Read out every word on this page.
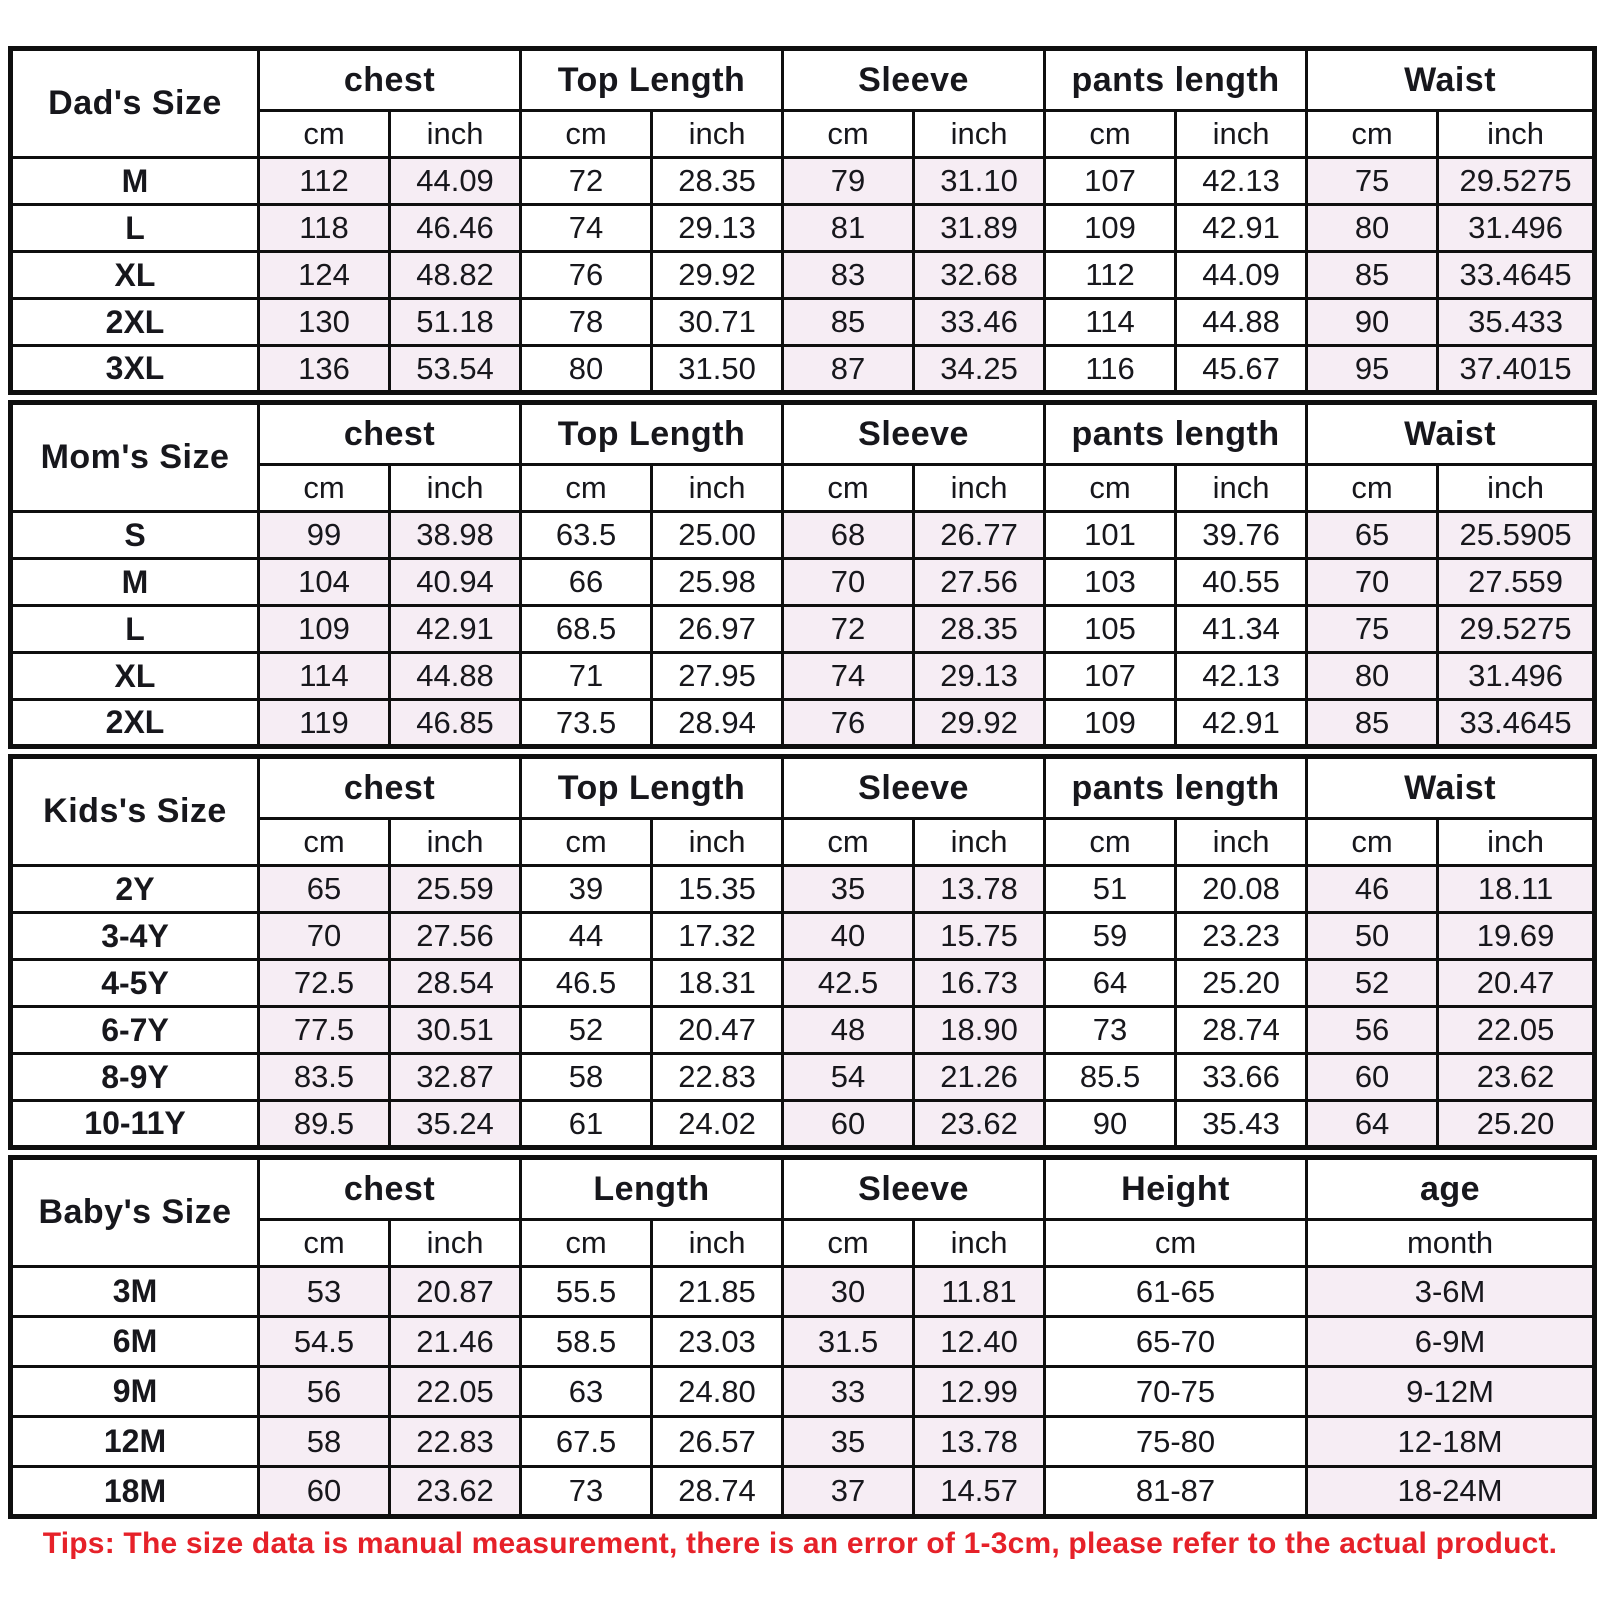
Dad's Size	chest		Top Length		Sleeve		pants length		Waist	
	cm	inch	cm	inch	cm	inch	cm	inch	cm	inch
M	112	44.09	72	28.35	79	31.10	107	42.13	75	29.5275
L	118	46.46	74	29.13	81	31.89	109	42.91	80	31.496
XL	124	48.82	76	29.92	83	32.68	112	44.09	85	33.4645
2XL	130	51.18	78	30.71	85	33.46	114	44.88	90	35.433
3XL	136	53.54	80	31.50	87	34.25	116	45.67	95	37.4015
Mom's Size	chest		Top Length		Sleeve		pants length		Waist	
	cm	inch	cm	inch	cm	inch	cm	inch	cm	inch
S	99	38.98	63.5	25.00	68	26.77	101	39.76	65	25.5905
M	104	40.94	66	25.98	70	27.56	103	40.55	70	27.559
L	109	42.91	68.5	26.97	72	28.35	105	41.34	75	29.5275
XL	114	44.88	71	27.95	74	29.13	107	42.13	80	31.496
2XL	119	46.85	73.5	28.94	76	29.92	109	42.91	85	33.4645
Kids's Size	chest		Top Length		Sleeve		pants length		Waist	
	cm	inch	cm	inch	cm	inch	cm	inch	cm	inch
2Y	65	25.59	39	15.35	35	13.78	51	20.08	46	18.11
3-4Y	70	27.56	44	17.32	40	15.75	59	23.23	50	19.69
4-5Y	72.5	28.54	46.5	18.31	42.5	16.73	64	25.20	52	20.47
6-7Y	77.5	30.51	52	20.47	48	18.90	73	28.74	56	22.05
8-9Y	83.5	32.87	58	22.83	54	21.26	85.5	33.66	60	23.62
10-11Y	89.5	35.24	61	24.02	60	23.62	90	35.43	64	25.20
Baby's Size	chest		Length		Sleeve		Height	age
	cm	inch	cm	inch	cm	inch	cm	month
3M	53	20.87	55.5	21.85	30	11.81	61-65	3-6M
6M	54.5	21.46	58.5	23.03	31.5	12.40	65-70	6-9M
9M	56	22.05	63	24.80	33	12.99	70-75	9-12M
12M	58	22.83	67.5	26.57	35	13.78	75-80	12-18M
18M	60	23.62	73	28.74	37	14.57	81-87	18-24M
Tips: The size data is manual measurement, there is an error of 1-3cm, please refer to the actual product.
